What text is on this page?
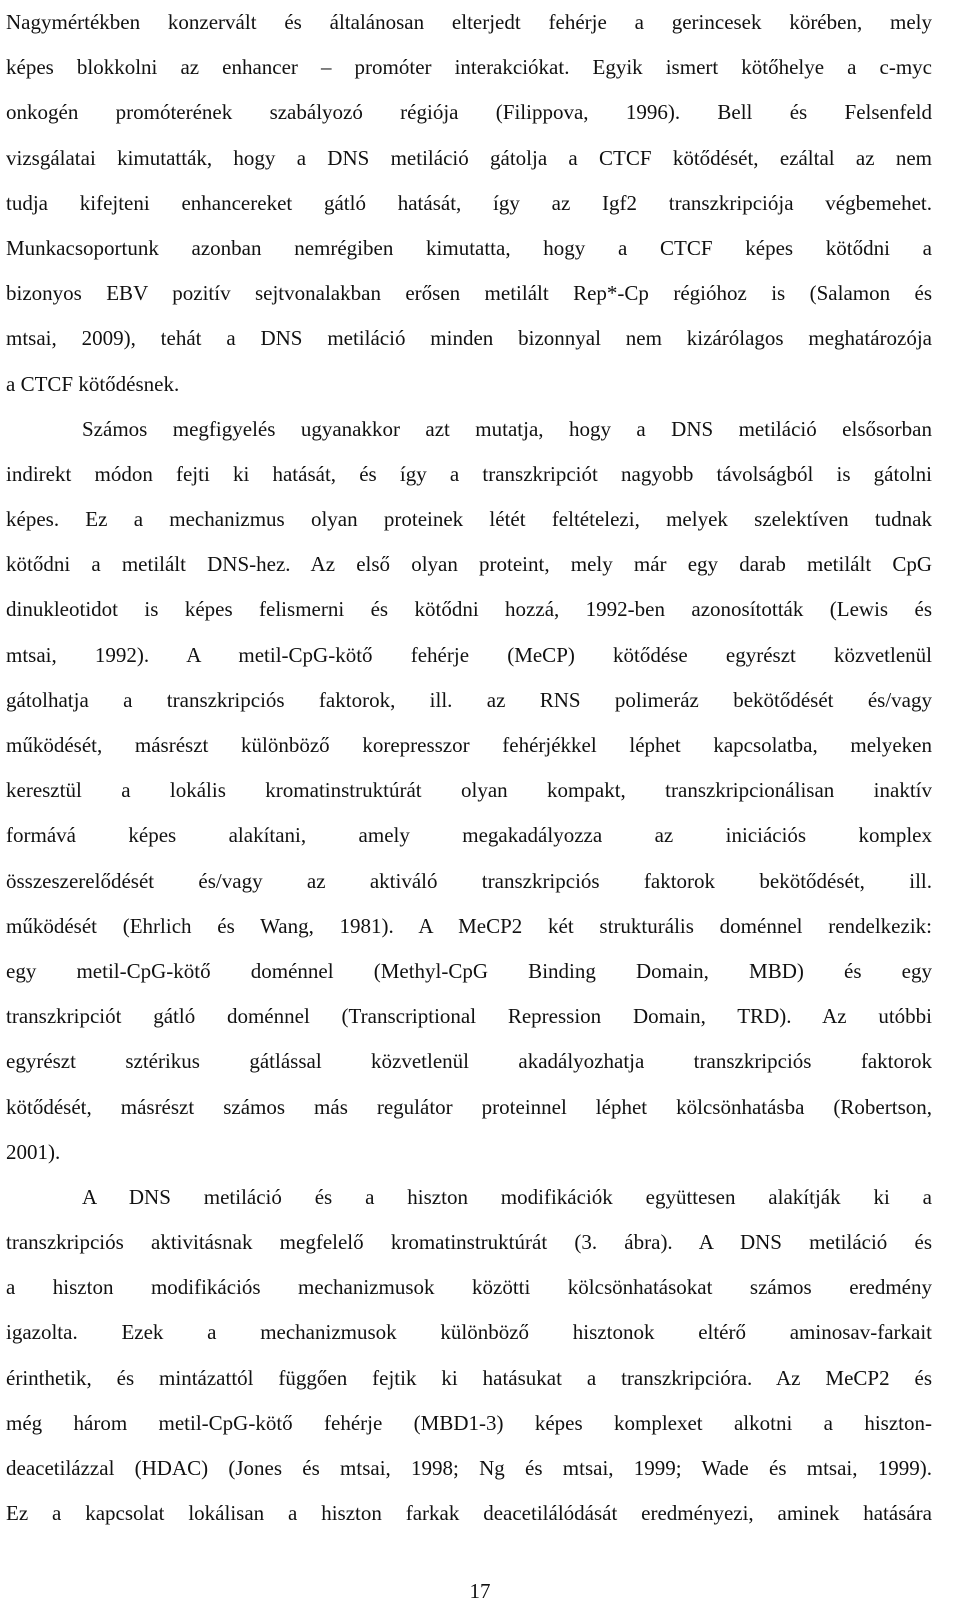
Nagymértékben konzervált és általánosan elterjedt fehérje a gerincesek körében, mely
képes blokkolni az enhancer – promóter interakciókat. Egyik ismert kötőhelye a c-myc
onkogén promóterének szabályozó régiója (Filippova, 1996). Bell és Felsenfeld
vizsgálatai kimutatták, hogy a DNS metiláció gátolja a CTCF kötődését, ezáltal az nem
tudja kifejteni enhancereket gátló hatását, így az Igf2 transzkripciója végbemehet.
Munkacsoportunk azonban nemrégiben kimutatta, hogy a CTCF képes kötődni a
bizonyos EBV pozitív sejtvonalakban erősen metilált Rep*-Cp régióhoz is (Salamon és
mtsai, 2009), tehát a DNS metiláció minden bizonnyal nem kizárólagos meghatározója
a CTCF kötődésnek.
Számos megfigyelés ugyanakkor azt mutatja, hogy a DNS metiláció elsősorban
indirekt módon fejti ki hatását, és így a transzkripciót nagyobb távolságból is gátolni
képes. Ez a mechanizmus olyan proteinek létét feltételezi, melyek szelektíven tudnak
kötődni a metilált DNS-hez. Az első olyan proteint, mely már egy darab metilált CpG
dinukleotidot is képes felismerni és kötődni hozzá, 1992-ben azonosították (Lewis és
mtsai, 1992). A metil-CpG-kötő fehérje (MeCP) kötődése egyrészt közvetlenül
gátolhatja a transzkripciós faktorok, ill. az RNS polimeráz bekötődését és/vagy
működését, másrészt különböző korepresszor fehérjékkel léphet kapcsolatba, melyeken
keresztül a lokális kromatinstruktúrát olyan kompakt, transzkripcionálisan inaktív
formává képes alakítani, amely megakadályozza az iniciációs komplex
összeszerelődését és/vagy az aktiváló transzkripciós faktorok bekötődését, ill.
működését (Ehrlich és Wang, 1981). A MeCP2 két strukturális doménnel rendelkezik:
egy metil-CpG-kötő doménnel (Methyl-CpG Binding Domain, MBD) és egy
transzkripciót gátló doménnel (Transcriptional Repression Domain, TRD). Az utóbbi
egyrészt sztérikus gátlással közvetlenül akadályozhatja transzkripciós faktorok
kötődését, másrészt számos más regulátor proteinnel léphet kölcsönhatásba (Robertson,
2001).
A DNS metiláció és a hiszton modifikációk együttesen alakítják ki a
transzkripciós aktivitásnak megfelelő kromatinstruktúrát (3. ábra). A DNS metiláció és
a hiszton modifikációs mechanizmusok közötti kölcsönhatásokat számos eredmény
igazolta. Ezek a mechanizmusok különböző hisztonok eltérő aminosav-farkait
érinthetik, és mintázattól függően fejtik ki hatásukat a transzkripcióra. Az MeCP2 és
még három metil-CpG-kötő fehérje (MBD1-3) képes komplexet alkotni a hiszton-
deacetilázzal (HDAC) (Jones és mtsai, 1998; Ng és mtsai, 1999; Wade és mtsai, 1999).
Ez a kapcsolat lokálisan a hiszton farkak deacetilálódását eredményezi, aminek hatására
17
